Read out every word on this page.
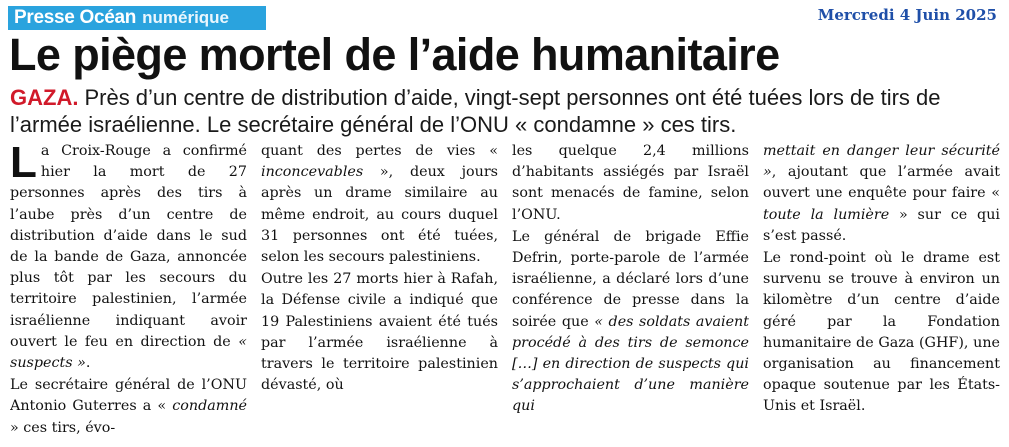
Presse Océan numérique	Mercredi 4 Juin 2025
Le piège mortel de l’aide humanitaire
GAZA. Près d’un centre de distribution d’aide, vingt-sept personnes ont été tuées lors de tirs de l’armée israélienne. Le secrétaire général de l’ONU « condamne » ces tirs.

La Croix-Rouge a confirmé hier la mort de 27 personnes après des tirs à l’aube près d’un centre de distribution d’aide dans le sud de la bande de Gaza, annoncée plus tôt par les secours du territoire palestinien, l’armée israélienne indiquant avoir ouvert le feu en direction de « suspects ».

Le secrétaire général de l’ONU Antonio Guterres a « condamné » ces tirs, évo-

quant des pertes de vies « inconcevables », deux jours après un drame similaire au même endroit, au cours duquel 31 personnes ont été tuées, selon les secours palestiniens.

Outre les 27 morts hier à Rafah, la Défense civile a indiqué que 19 Palestiniens avaient été tués par l’armée israélienne à travers le territoire palestinien dévasté, où

les quelque 2,4 millions d’habitants assiégés par Israël sont menacés de famine, selon l’ONU.

Le général de brigade Effie Defrin, porte-parole de l’armée israélienne, a déclaré lors d’une conférence de presse dans la soirée que « des soldats avaient procédé à des tirs de semonce […] en direction de suspects qui s’approchaient d’une manière qui

mettait en danger leur sécurité », ajoutant que l’armée avait ouvert une enquête pour faire « toute la lumière » sur ce qui s’est passé.

Le rond-point où le drame est survenu se trouve à environ un kilomètre d’un centre d’aide géré par la Fondation humanitaire de Gaza (GHF), une organisation au financement opaque soutenue par les États-Unis et Israël.
